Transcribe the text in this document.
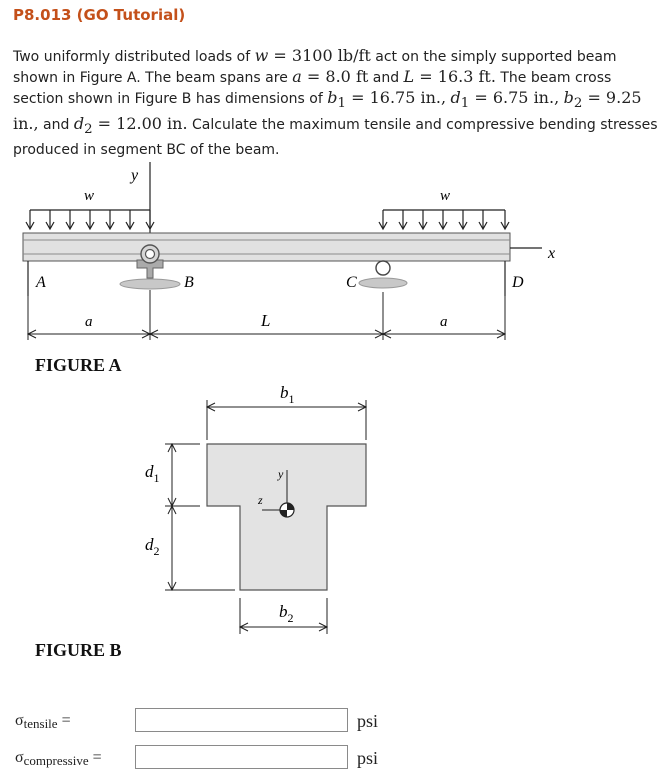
P8.013 (GO Tutorial)
Two uniformly distributed loads of w = 3100 lb/ft act on the simply supported beam shown in Figure A. The beam spans are a = 8.0 ft and L = 16.3 ft. The beam cross section shown in Figure B has dimensions of $b_1 = 16.75$ in., $d_1 = 6.75$ in., $b_2 = 9.25$ in., and $d_2 = 12.00$ in. Calculate the maximum tensile and compressive bending stresses produced in segment BC of the beam.
y
w	w
x
A	B	C	D
a	L	a
FIGURE A
$b_1$
$d_1$
$d_2$
y
z
$b_2$
FIGURE B
$\sigma_{tensile}$ =	psi
$\sigma_{compressive}$ =	psi
